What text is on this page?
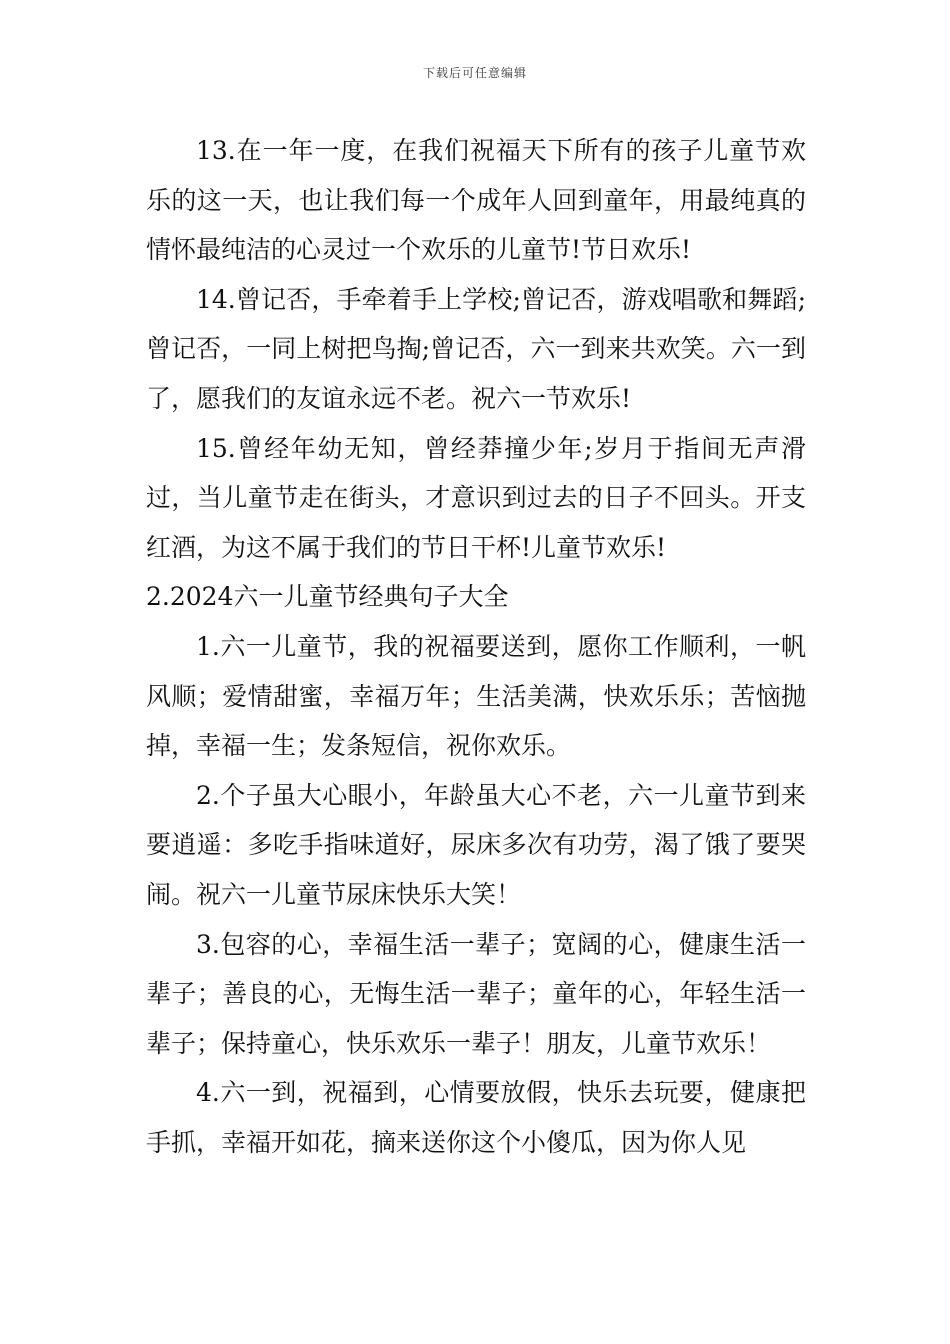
下载后可任意编辑

13.在一年一度，在我们祝福天下所有的孩子儿童节欢乐的这一天，也让我们每一个成年人回到童年，用最纯真的情怀最纯洁的心灵过一个欢乐的儿童节!节日欢乐!

14.曾记否，手牵着手上学校;曾记否，游戏唱歌和舞蹈;曾记否，一同上树把鸟掏;曾记否，六一到来共欢笑。六一到了，愿我们的友谊永远不老。祝六一节欢乐!

15.曾经年幼无知，曾经莽撞少年;岁月于指间无声滑过，当儿童节走在街头，才意识到过去的日子不回头。开支红酒，为这不属于我们的节日干杯!儿童节欢乐!

2.2024六一儿童节经典句子大全

1.六一儿童节，我的祝福要送到，愿你工作顺利，一帆风顺；爱情甜蜜，幸福万年；生活美满，快欢乐乐；苦恼抛掉，幸福一生；发条短信，祝你欢乐。

2.个子虽大心眼小，年龄虽大心不老，六一儿童节到来要逍遥：多吃手指味道好，尿床多次有功劳，渴了饿了要哭闹。祝六一儿童节尿床快乐大笑！

3.包容的心，幸福生活一辈子；宽阔的心，健康生活一辈子；善良的心，无悔生活一辈子；童年的心，年轻生活一辈子；保持童心，快乐欢乐一辈子！朋友，儿童节欢乐！

4.六一到，祝福到，心情要放假，快乐去玩要，健康把手抓，幸福开如花，摘来送你这个小傻瓜，因为你人见
